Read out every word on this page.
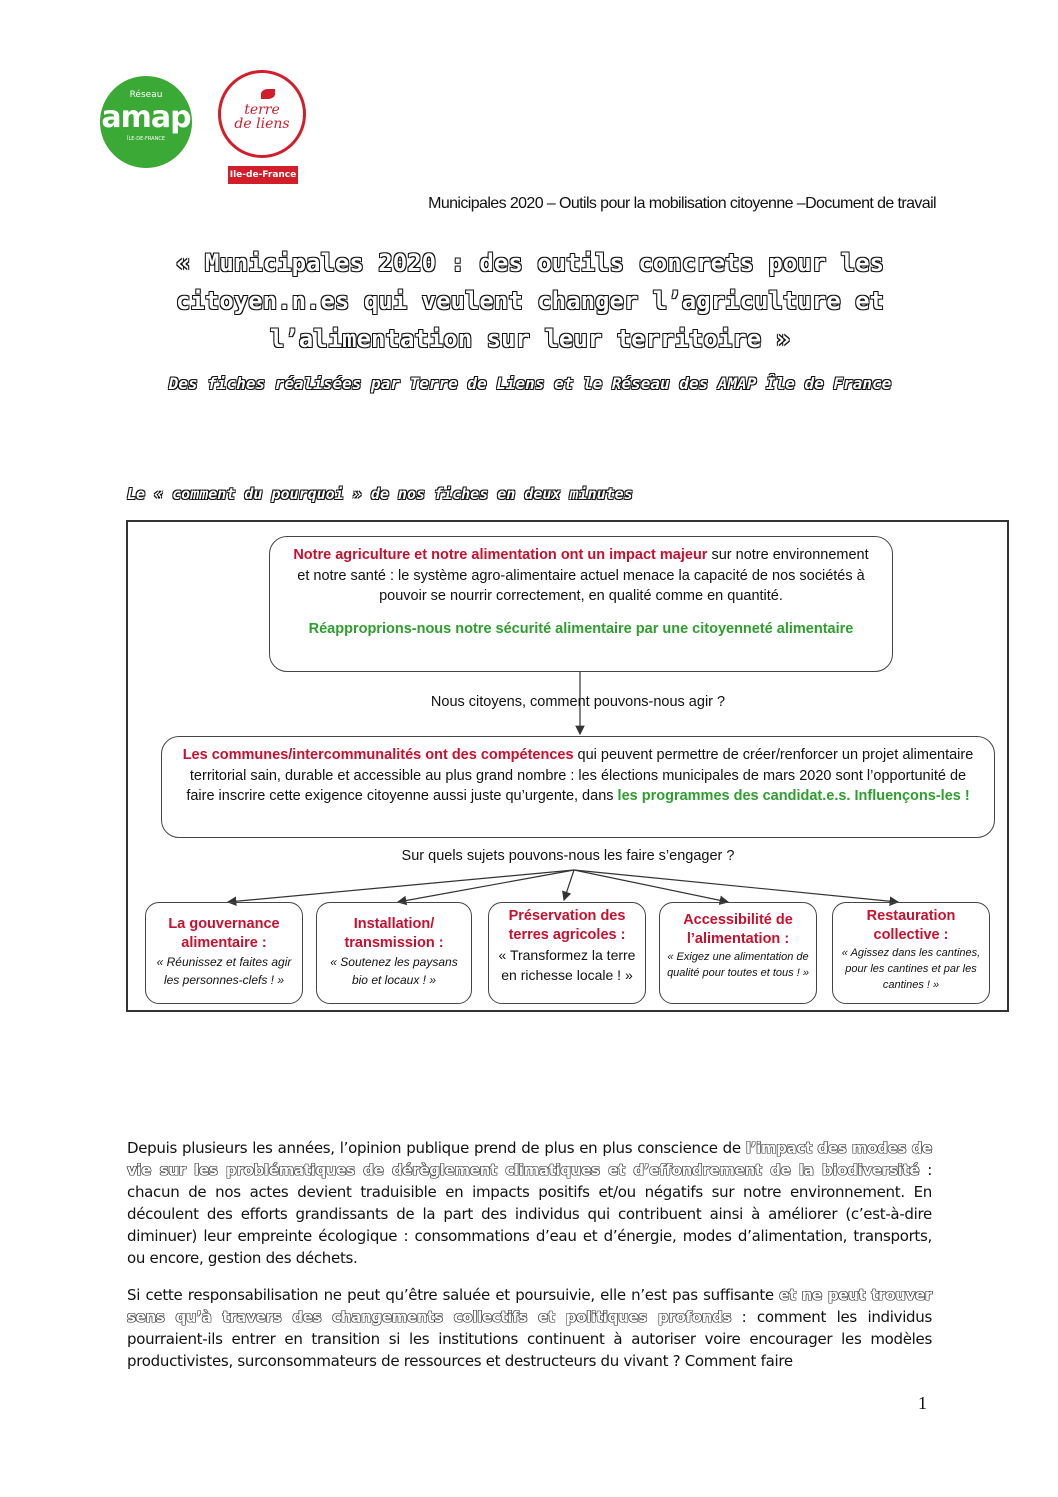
Réseau
amap
ÎLE-DE-FRANCE
terre
de liens
Ile-de-France
Municipales 2020 – Outils pour la mobilisation citoyenne –Document de travail
« Municipales 2020 : des outils concrets pour les citoyen.n.es qui veulent changer l’agriculture et l’alimentation sur leur territoire »
Des fiches réalisées par Terre de Liens et le Réseau des AMAP Île de France
Le « comment du pourquoi » de nos fiches en deux minutes
Notre agriculture et notre alimentation ont un impact majeur sur notre environnement et notre santé : le système agro-alimentaire actuel menace la capacité de nos sociétés à pouvoir se nourrir correctement, en qualité comme en quantité.
Réapproprions-nous notre sécurité alimentaire par une citoyenneté alimentaire
Nous citoyens, comment pouvons-nous agir ?
Les communes/intercommunalités ont des compétences qui peuvent permettre de créer/renforcer un projet alimentaire territorial sain, durable et accessible au plus grand nombre : les élections municipales de mars 2020 sont l’opportunité de faire inscrire cette exigence citoyenne aussi juste qu’urgente, dans les programmes des candidat.e.s. Influençons-les !
Sur quels sujets pouvons-nous les faire s’engager ?
La gouvernance alimentaire :
« Réunissez et faites agir les personnes-clefs ! »
Installation/ transmission :
« Soutenez les paysans bio et locaux ! »
Préservation des terres agricoles :
« Transformez la terre en richesse locale ! »
Accessibilité de l’alimentation :
« Exigez une alimentation de qualité pour toutes et tous ! »
Restauration collective :
« Agissez dans les cantines, pour les cantines et par les cantines ! »

Depuis plusieurs les années, l’opinion publique prend de plus en plus conscience de l’impact des modes de vie sur les problématiques de dérèglement climatiques et d’effondrement de la biodiversité : chacun de nos actes devient traduisible en impacts positifs et/ou négatifs sur notre environnement. En découlent des efforts grandissants de la part des individus qui contribuent ainsi à améliorer (c’est-à-dire diminuer) leur empreinte écologique : consommations d’eau et d’énergie, modes d’alimentation, transports, ou encore, gestion des déchets.

Si cette responsabilisation ne peut qu’être saluée et poursuivie, elle n’est pas suffisante et ne peut trouver sens qu’à travers des changements collectifs et politiques profonds : comment les individus pourraient-ils entrer en transition si les institutions continuent à autoriser voire encourager les modèles productivistes, surconsommateurs de ressources et destructeurs du vivant ? Comment faire

1
